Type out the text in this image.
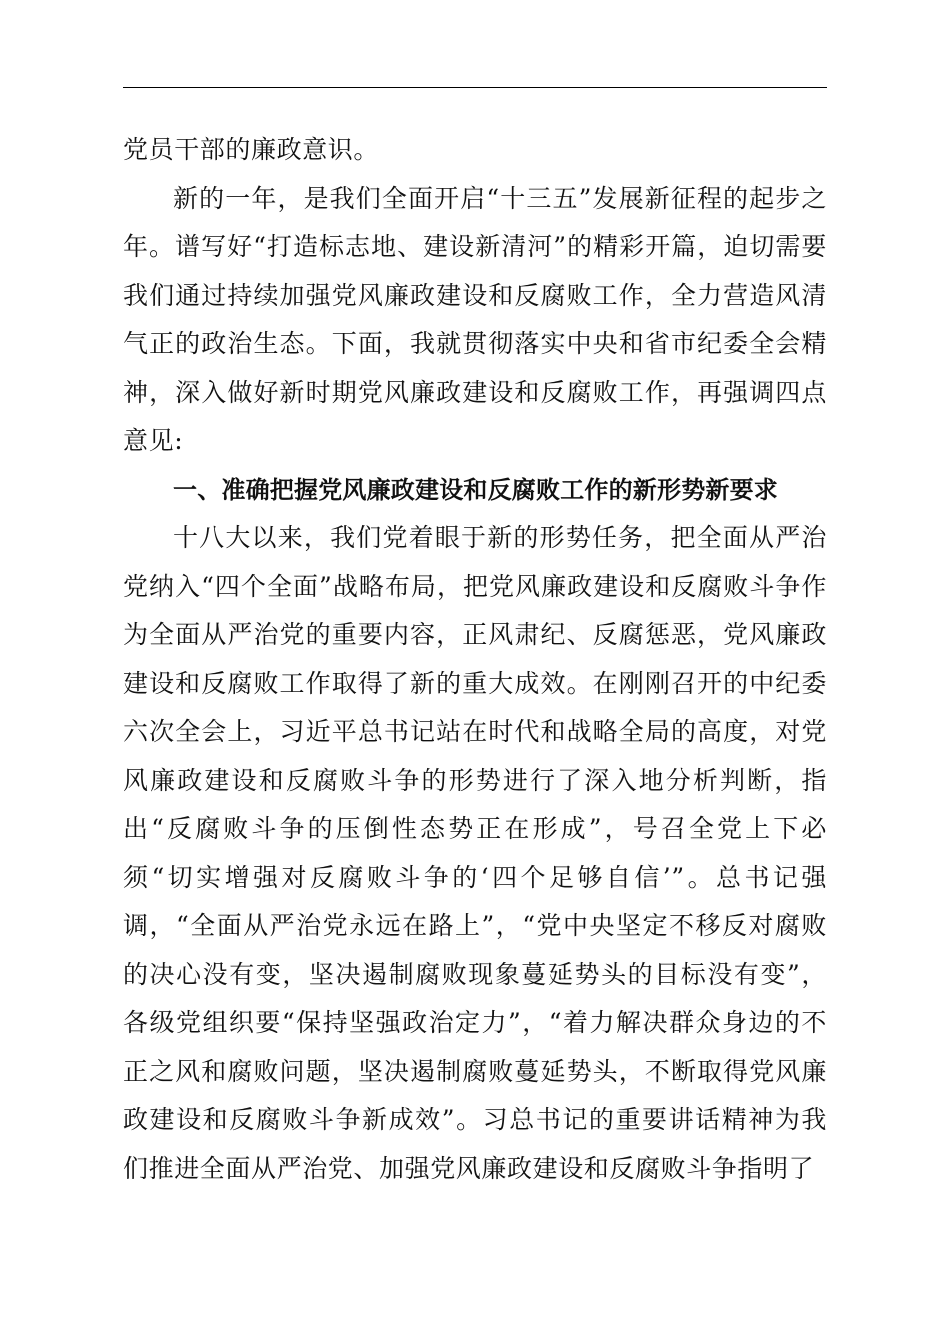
党员干部的廉政意识。

新的一年，是我们全面开启“十三五”发展新征程的起步之年。谱写好“打造标志地、建设新清河”的精彩开篇，迫切需要我们通过持续加强党风廉政建设和反腐败工作，全力营造风清气正的政治生态。下面，我就贯彻落实中央和省市纪委全会精神，深入做好新时期党风廉政建设和反腐败工作，再强调四点意见:

一、准确把握党风廉政建设和反腐败工作的新形势新要求

十八大以来，我们党着眼于新的形势任务，把全面从严治党纳入“四个全面”战略布局，把党风廉政建设和反腐败斗争作为全面从严治党的重要内容，正风肃纪、反腐惩恶，党风廉政建设和反腐败工作取得了新的重大成效。在刚刚召开的中纪委六次全会上，习近平总书记站在时代和战略全局的高度，对党风廉政建设和反腐败斗争的形势进行了深入地分析判断，指出“反腐败斗争的压倒性态势正在形成”，号召全党上下必须“切实增强对反腐败斗争的‘四个足够自信’”。总书记强调，“全面从严治党永远在路上”，“党中央坚定不移反对腐败的决心没有变，坚决遏制腐败现象蔓延势头的目标没有变”，各级党组织要“保持坚强政治定力”，“着力解决群众身边的不正之风和腐败问题，坚决遏制腐败蔓延势头，不断取得党风廉政建设和反腐败斗争新成效”。习总书记的重要讲话精神为我们推进全面从严治党、加强党风廉政建设和反腐败斗争指明了
